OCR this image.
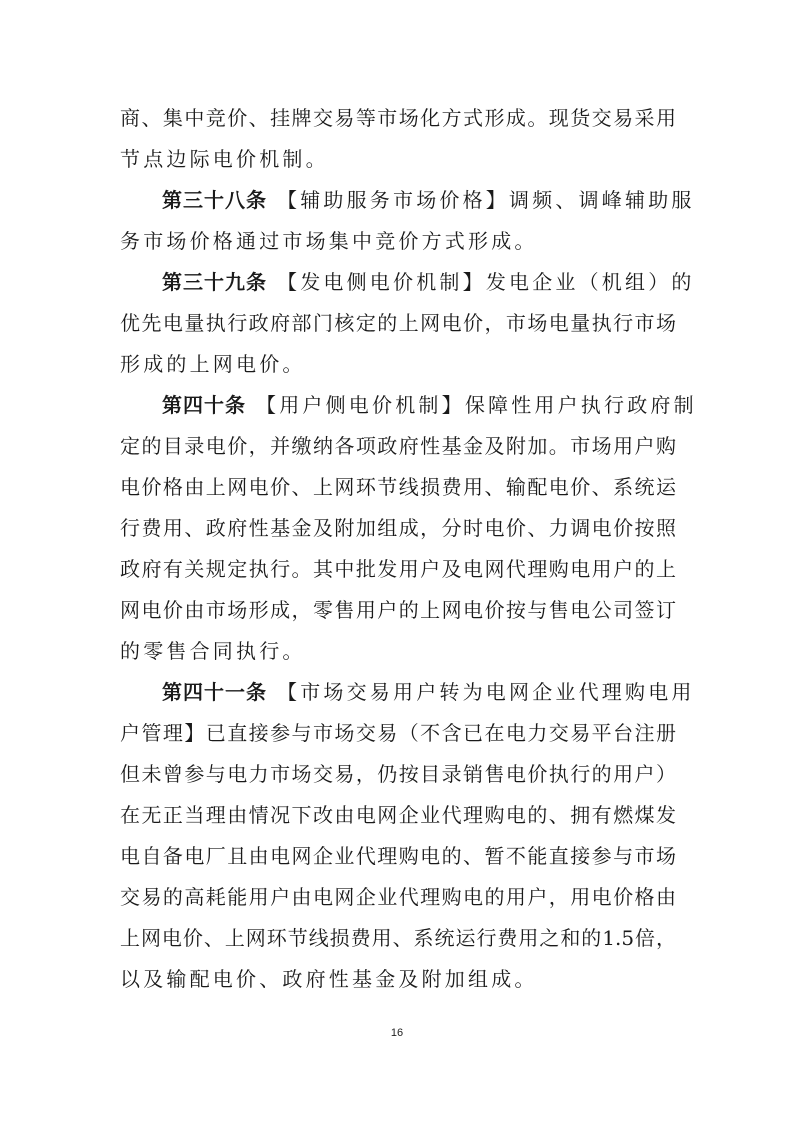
商、集中竞价、挂牌交易等市场化方式形成。现货交易采用
节点边际电价机制。
第三十八条 【辅助服务市场价格】调频、调峰辅助服
务市场价格通过市场集中竞价方式形成。
第三十九条 【发电侧电价机制】发电企业（机组）的
优先电量执行政府部门核定的上网电价，市场电量执行市场
形成的上网电价。
第四十条 【用户侧电价机制】保障性用户执行政府制
定的目录电价，并缴纳各项政府性基金及附加。市场用户购
电价格由上网电价、上网环节线损费用、输配电价、系统运
行费用、政府性基金及附加组成，分时电价、力调电价按照
政府有关规定执行。其中批发用户及电网代理购电用户的上
网电价由市场形成，零售用户的上网电价按与售电公司签订
的零售合同执行。
第四十一条 【市场交易用户转为电网企业代理购电用
户管理】已直接参与市场交易（不含已在电力交易平台注册
但未曾参与电力市场交易，仍按目录销售电价执行的用户）
在无正当理由情况下改由电网企业代理购电的、拥有燃煤发
电自备电厂且由电网企业代理购电的、暂不能直接参与市场
交易的高耗能用户由电网企业代理购电的用户，用电价格由
上网电价、上网环节线损费用、系统运行费用之和的1.5倍，
以及输配电价、政府性基金及附加组成。
16
